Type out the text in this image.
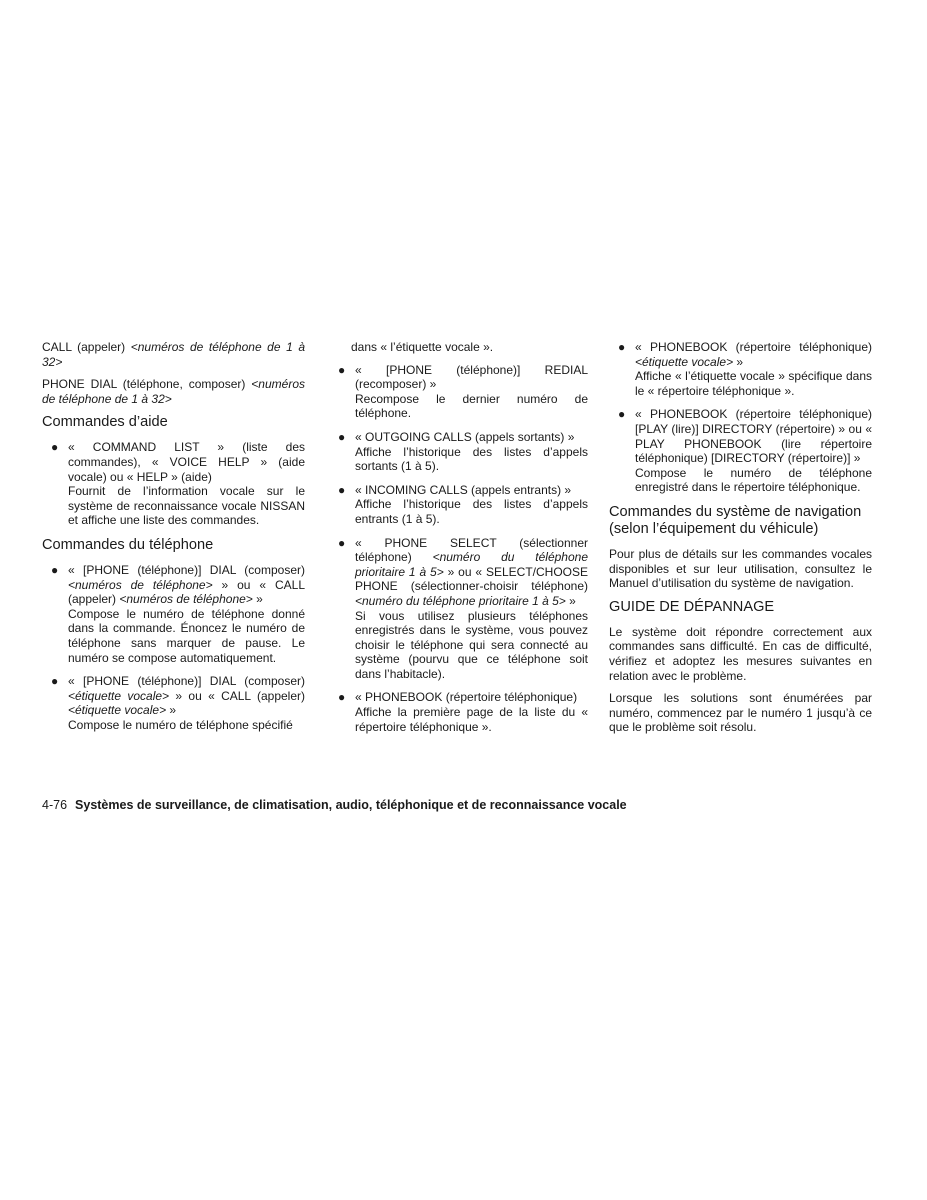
CALL (appeler) <numéros de téléphone de 1 à 32>

PHONE DIAL (téléphone, composer) <numéros de téléphone de 1 à 32>

Commandes d’aide
● « COMMAND LIST » (liste des commandes), « VOICE HELP » (aide vocale) ou « HELP » (aide)
Fournit de l’information vocale sur le système de reconnaissance vocale NISSAN et affiche une liste des commandes.
Commandes du téléphone
● « [PHONE (téléphone)] DIAL (composer) <numéros de téléphone> » ou « CALL (appeler) <numéros de téléphone> »
Compose le numéro de téléphone donné dans la commande. Énoncez le numéro de téléphone sans marquer de pause. Le numéro se compose automatiquement.
● « [PHONE (téléphone)] DIAL (composer) <étiquette vocale> » ou « CALL (appeler) <étiquette vocale> »
Compose le numéro de téléphone spécifié

dans « l’étiquette vocale ».

● « [PHONE (téléphone)] REDIAL (recomposer) »
Recompose le dernier numéro de téléphone.
● « OUTGOING CALLS (appels sortants) »
Affiche l’historique des listes d’appels sortants (1 à 5).
● « INCOMING CALLS (appels entrants) »
Affiche l’historique des listes d’appels entrants (1 à 5).
● « PHONE SELECT (sélectionner téléphone) <numéro du téléphone prioritaire 1 à 5> » ou « SELECT/CHOOSE PHONE (sélectionner-choisir téléphone) <numéro du téléphone prioritaire 1 à 5> »
Si vous utilisez plusieurs téléphones enregistrés dans le système, vous pouvez choisir le téléphone qui sera connecté au système (pourvu que ce téléphone soit dans l’habitacle).
● « PHONEBOOK (répertoire téléphonique)
Affiche la première page de la liste du « répertoire téléphonique ».
● « PHONEBOOK (répertoire téléphonique) <étiquette vocale> »
Affiche « l’étiquette vocale » spécifique dans le « répertoire téléphonique ».
● « PHONEBOOK (répertoire téléphonique) [PLAY (lire)] DIRECTORY (répertoire) » ou « PLAY PHONEBOOK (lire répertoire téléphonique) [DIRECTORY (répertoire)] »
Compose le numéro de téléphone enregistré dans le répertoire téléphonique.
Commandes du système de navigation (selon l’équipement du véhicule)

Pour plus de détails sur les commandes vocales disponibles et sur leur utilisation, consultez le Manuel d’utilisation du système de navigation.

GUIDE DE DÉPANNAGE

Le système doit répondre correctement aux commandes sans difficulté. En cas de difficulté, vérifiez et adoptez les mesures suivantes en relation avec le problème.

Lorsque les solutions sont énumérées par numéro, commencez par le numéro 1 jusqu’à ce que le problème soit résolu.

4-76 Systèmes de surveillance, de climatisation, audio, téléphonique et de reconnaissance vocale
